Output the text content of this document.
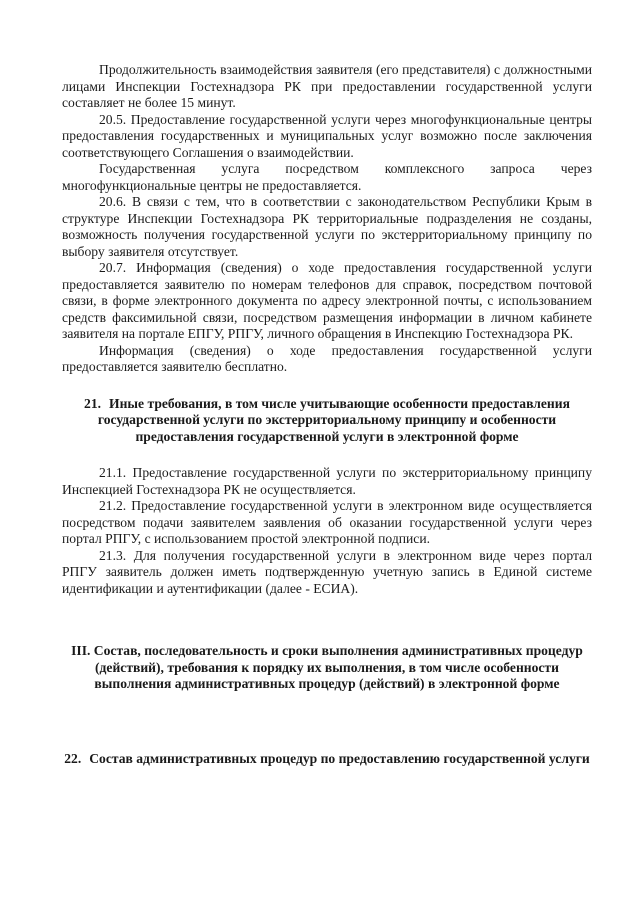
Продолжительность взаимодействия заявителя (его представителя) с должностными лицами Инспекции Гостехнадзора РК при предоставлении государственной услуги составляет не более 15 минут.

20.5. Предоставление государственной услуги через многофункциональные центры предоставления государственных и муниципальных услуг возможно после заключения соответствующего Соглашения о взаимодействии.

Государственная услуга посредством комплексного запроса через многофункциональные центры не предоставляется.

20.6. В связи с тем, что в соответствии с законодательством Республики Крым в структуре Инспекции Гостехнадзора РК территориальные подразделения не созданы, возможность получения государственной услуги по экстерриториальному принципу по выбору заявителя отсутствует.

20.7. Информация (сведения) о ходе предоставления государственной услуги предоставляется заявителю по номерам телефонов для справок, посредством почтовой связи, в форме электронного документа по адресу электронной почты, с использованием средств факсимильной связи, посредством размещения информации в личном кабинете заявителя на портале ЕПГУ, РПГУ, личного обращения в Инспекцию Гостехнадзора РК.

Информация (сведения) о ходе предоставления государственной услуги предоставляется заявителю бесплатно.

21. Иные требования, в том числе учитывающие особенности предоставления государственной услуги по экстерриториальному принципу и особенности предоставления государственной услуги в электронной форме

21.1. Предоставление государственной услуги по экстерриториальному принципу Инспекцией Гостехнадзора РК не осуществляется.

21.2. Предоставление государственной услуги в электронном виде осуществляется посредством подачи заявителем заявления об оказании государственной услуги через портал РПГУ, с использованием простой электронной подписи.

21.3. Для получения государственной услуги в электронном виде через портал РПГУ заявитель должен иметь подтвержденную учетную запись в Единой системе идентификации и аутентификации (далее - ЕСИА).

III. Состав, последовательность и сроки выполнения административных процедур (действий), требования к порядку их выполнения, в том числе особенности выполнения административных процедур (действий) в электронной форме

22. Состав административных процедур по предоставлению государственной услуги
